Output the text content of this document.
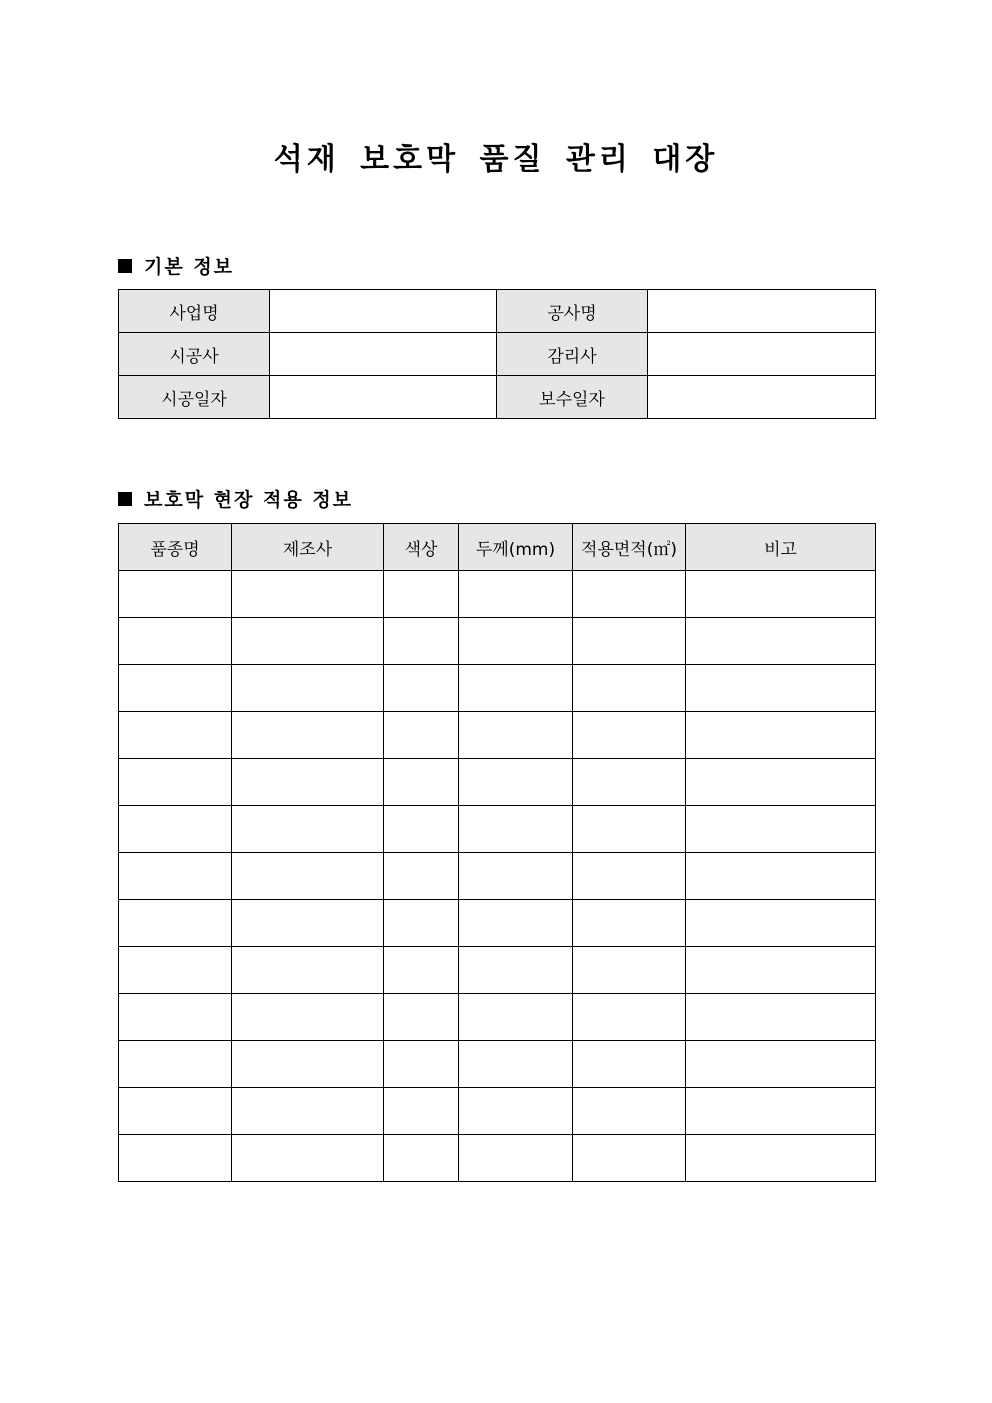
석재 보호막 품질 관리 대장
기본 정보
사업명		공사명	
시공사		감리사	
시공일자		보수일자	
보호막 현장 적용 정보
품종명	제조사	색상	두께(mm)	적용면적(㎡)	비고
